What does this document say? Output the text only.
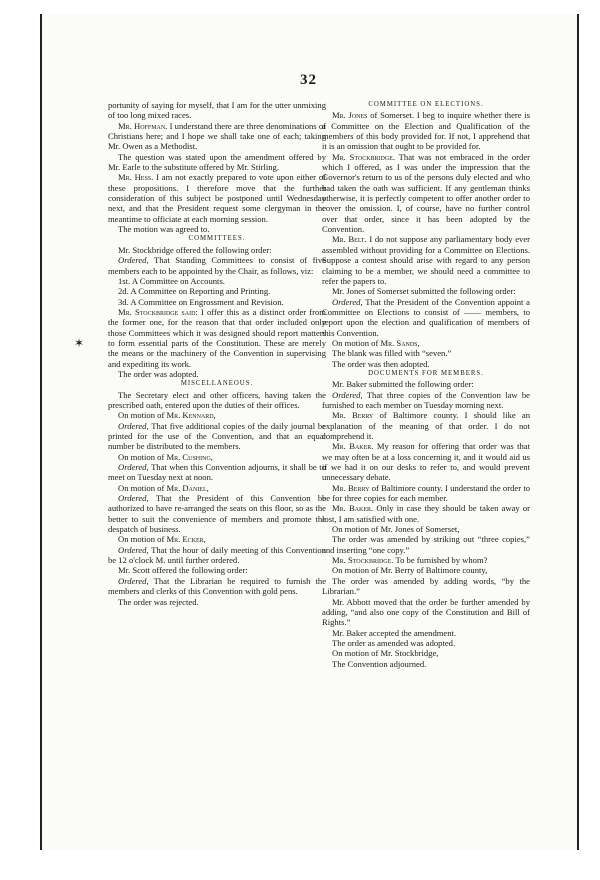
32
✶

portunity of saying for myself, that I am for the utter unmixing of too long mixed races.

Mr. Hoffman. I understand there are three denominations of Christians here; and I hope we shall take one of each; taking Mr. Owen as a Methodist.

The question was stated upon the amendment offered by Mr. Earle to the substitute offered by Mr. Stirling.

Mr. Hess. I am not exactly prepared to vote upon either of these propositions. I therefore move that the further consideration of this subject be postponed until Wednesday next, and that the President request some clergyman in the meantime to officiate at each morning session.

The motion was agreed to.

COMMITTEES.

Mr. Stockbridge offered the following order:

Ordered, That Standing Committees to consist of five members each to be appointed by the Chair, as follows, viz:

1st. A Committee on Accounts.

2d. A Committee on Reporting and Printing.

3d. A Committee on Engrossment and Revision.

Mr. Stockbridge said: I offer this as a distinct order from the former one, for the reason that that order included only those Committees which it was designed should report matters to form essential parts of the Constitution. These are merely the means or the machinery of the Convention in supervising and expediting its work.

The order was adopted.

MISCELLANEOUS.

The Secretary elect and other officers, having taken the prescribed oath, entered upon the duties of their offices.

On motion of Mr. Kennard,

Ordered, That five additional copies of the daily journal be printed for the use of the Convention, and that an equal number be distributed to the members.

On motion of Mr. Cushing,

Ordered, That when this Convention adjourns, it shall be to meet on Tuesday next at noon.

On motion of Mr. Daniel,

Ordered, That the President of this Convention be authorized to have re-arranged the seats on this floor, so as the better to suit the convenience of members and promote the despatch of business.

On motion of Mr. Ecker,

Ordered, That the hour of daily meeting of this Convention be 12 o'clock M. until further ordered.

Mr. Scott offered the following order:

Ordered, That the Librarian be required to furnish the members and clerks of this Convention with gold pens.

The order was rejected.

COMMITTEE ON ELECTIONS.

Mr. Jones of Somerset. I beg to inquire whether there is a Committee on the Election and Qualification of the members of this body provided for. If not, I apprehend that it is an omission that ought to be provided for.

Mr. Stockbridge. That was not embraced in the order which I offered, as I was under the impression that the Governor's return to us of the persons duly elected and who had taken the oath was sufficient. If any gentleman thinks otherwise, it is perfectly competent to offer another order to cover the omission. I, of course, have no further control over that order, since it has been adopted by the Convention.

Mr. Belt. I do not suppose any parliamentary body ever assembled without providing for a Committee on Elections. Suppose a contest should arise with regard to any person claiming to be a member, we should need a committee to refer the papers to.

Mr. Jones of Somerset submitted the following order:

Ordered, That the President of the Convention appoint a Committee on Elections to consist of —— members, to report upon the election and qualification of members of this Convention.

On motion of Mr. Sands,

The blank was filled with “seven.”

The order was then adopted.

DOCUMENTS FOR MEMBERS.

Mr. Baker submitted the following order:

Ordered, That three copies of the Convention law be furnished to each member on Tuesday morning next.

Mr. Berry of Baltimore county. I should like an explanation of the meaning of that order. I do not comprehend it.

Mr. Baker. My reason for offering that order was that we may often be at a loss concerning it, and it would aid us if we had it on our desks to refer to, and would prevent unnecessary debate.

Mr. Berry of Baltimore county. I understand the order to be for three copies for each member.

Mr. Baker. Only in case they should be taken away or lost, I am satisfied with one.

On motion of Mr. Jones of Somerset,

The order was amended by striking out “three copies,” and inserting “one copy.”

Mr. Stockbridge. To be furnished by whom?

On motion of Mr. Berry of Baltimore county,

The order was amended by adding words, “by the Librarian.”

Mr. Abbott moved that the order be further amended by adding, “and also one copy of the Constitution and Bill of Rights.”

Mr. Baker accepted the amendment.

The order as amended was adopted.

On motion of Mr. Stockbridge,

The Convention adjourned.
